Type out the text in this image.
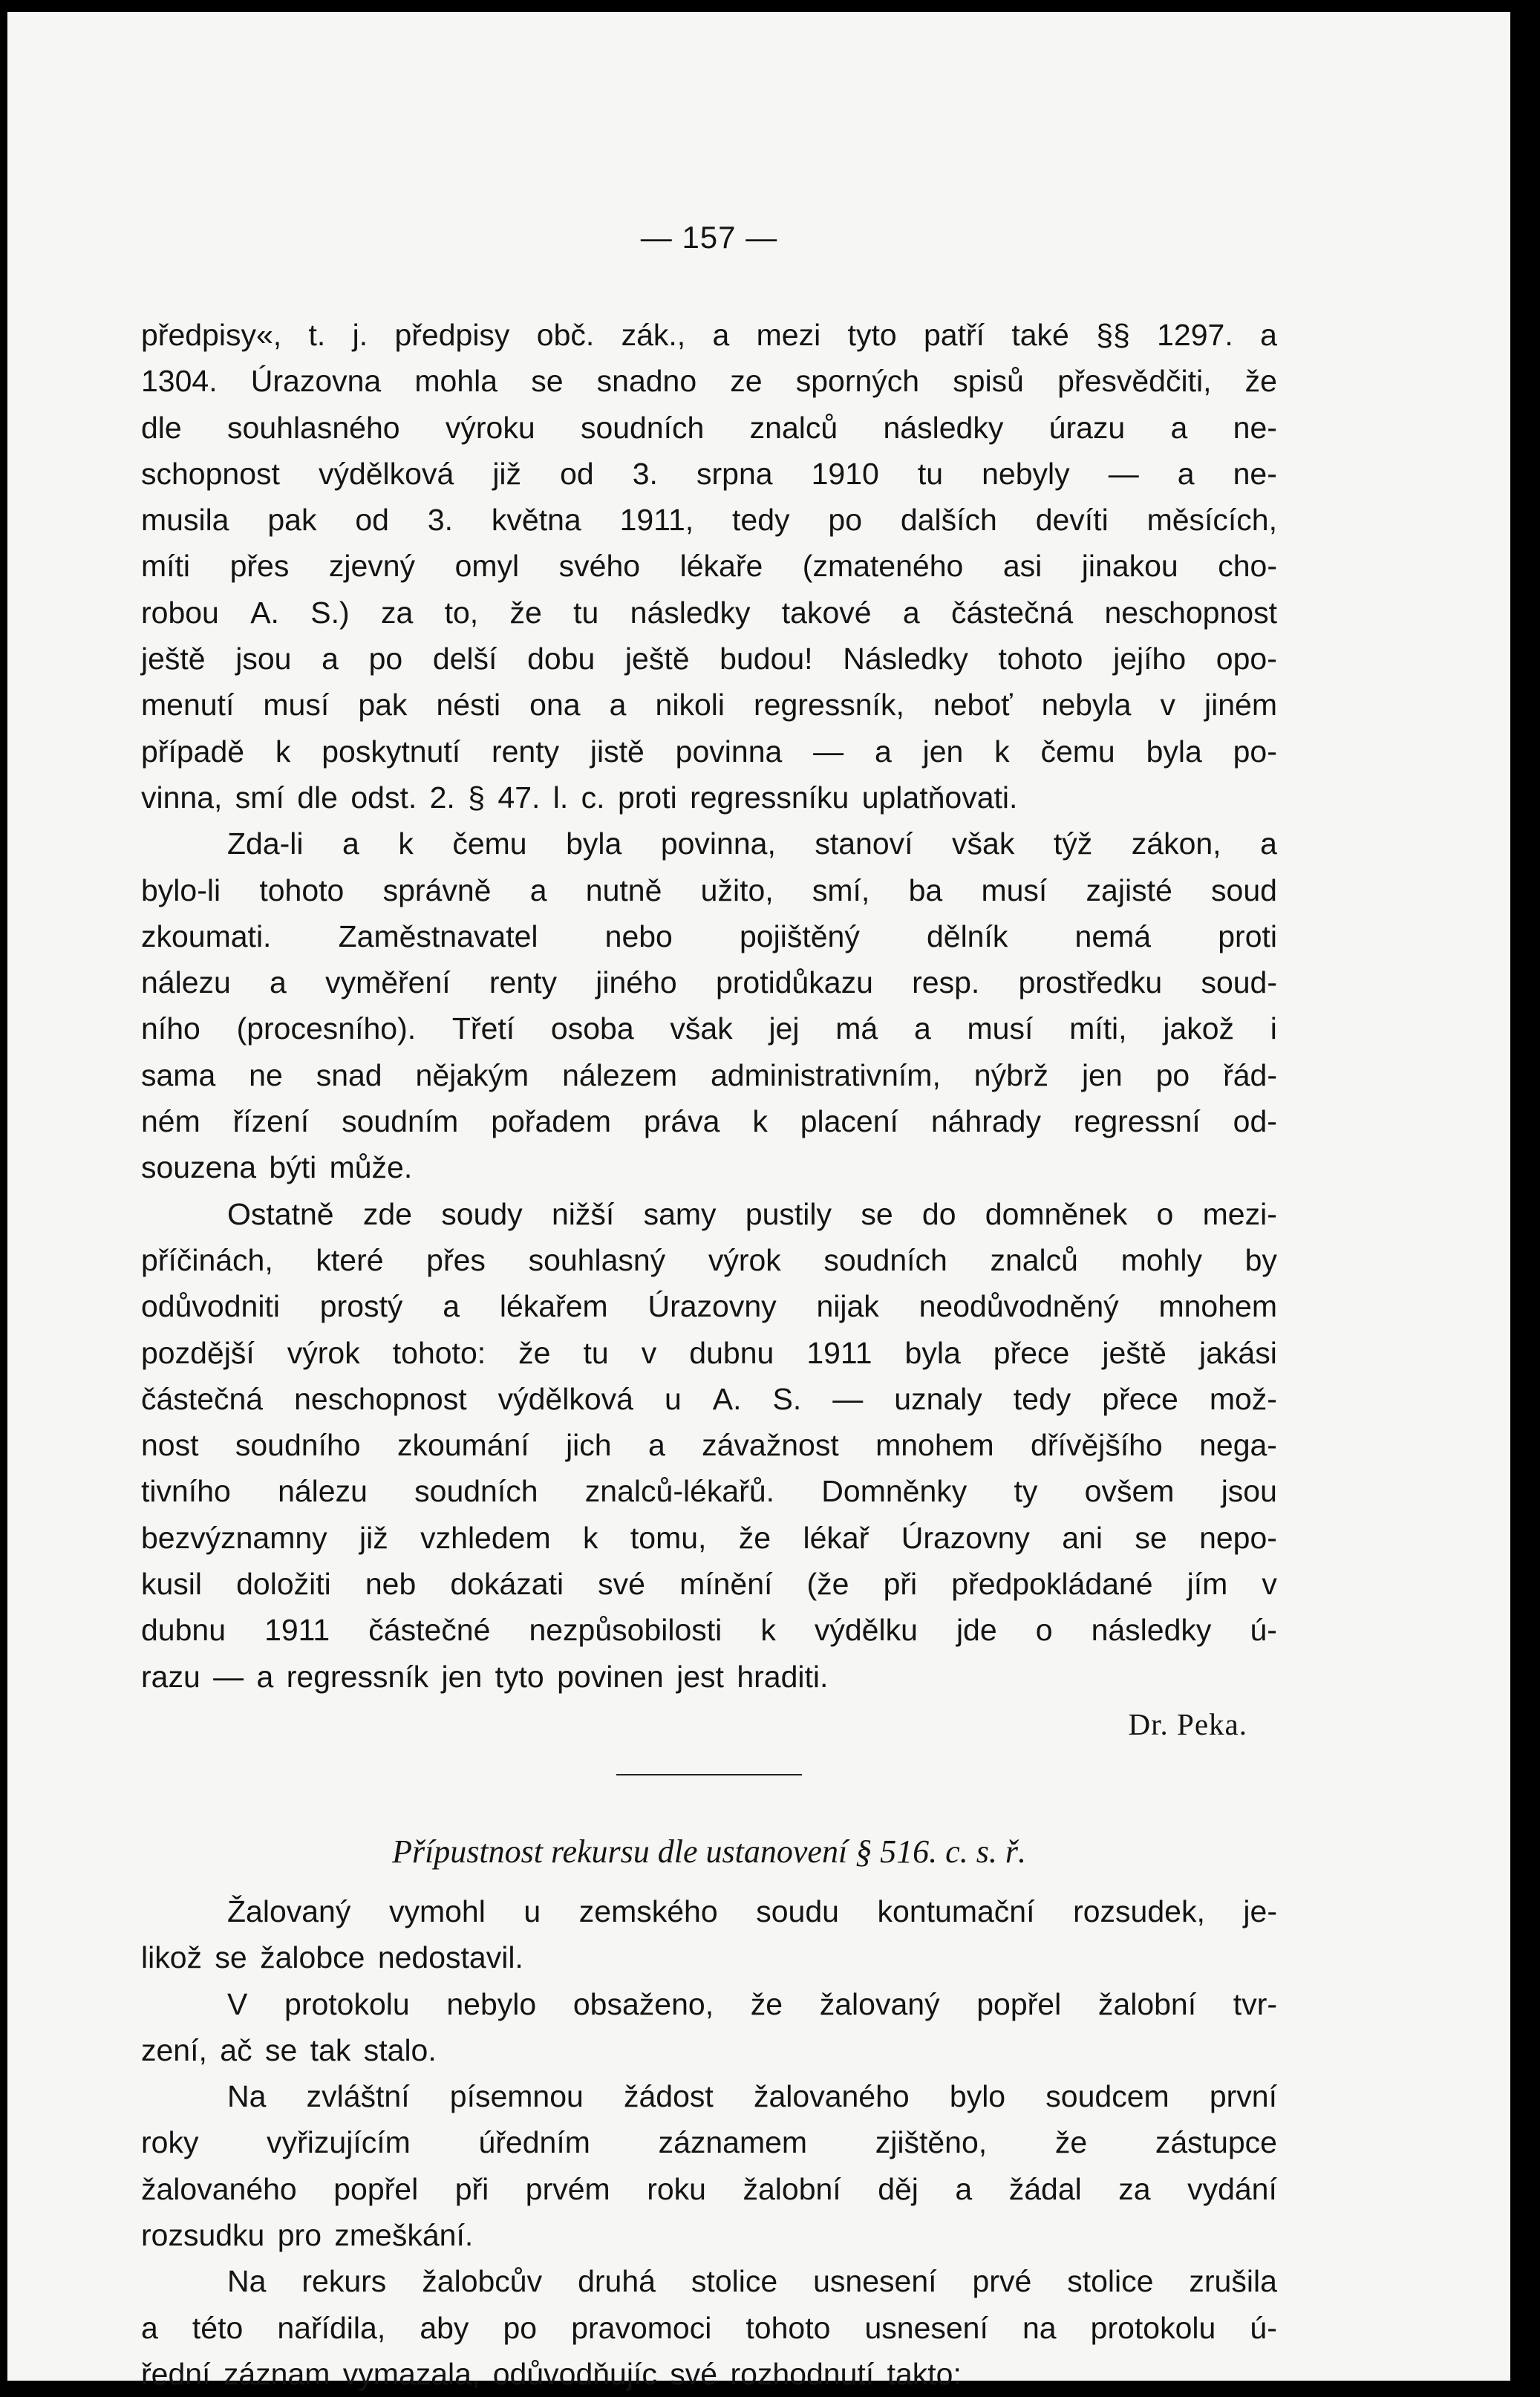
— 157 —
předpisy«, t. j. předpisy obč. zák., a mezi tyto patří také §§ 1297. a
1304. Úrazovna mohla se snadno ze sporných spisů přesvědčiti, že
dle souhlasného výroku soudních znalců následky úrazu a ne-
schopnost výdělková již od 3. srpna 1910 tu nebyly — a ne-
musila pak od 3. května 1911, tedy po dalších devíti měsících,
míti přes zjevný omyl svého lékaře (zmateného asi jinakou cho-
robou A. S.) za to, že tu následky takové a částečná neschopnost
ještě jsou a po delší dobu ještě budou! Následky tohoto jejího opo-
menutí musí pak nésti ona a nikoli regressník, neboť nebyla v jiném
případě k poskytnutí renty jistě povinna — a jen k čemu byla po-
vinna, smí dle odst. 2. § 47. l. c. proti regressníku uplatňovati.
Zda-li a k čemu byla povinna, stanoví však týž zákon, a
bylo-li tohoto správně a nutně užito, smí, ba musí zajisté soud
zkoumati. Zaměstnavatel nebo pojištěný dělník nemá proti
nálezu a vyměření renty jiného protidůkazu resp. prostředku soud-
ního (procesního). Třetí osoba však jej má a musí míti, jakož i
sama ne snad nějakým nálezem administrativním, nýbrž jen po řád-
ném řízení soudním pořadem práva k placení náhrady regressní od-
souzena býti může.
Ostatně zde soudy nižší samy pustily se do domněnek o mezi-
příčinách, které přes souhlasný výrok soudních znalců mohly by
odůvodniti prostý a lékařem Úrazovny nijak neodůvodněný mnohem
pozdější výrok tohoto: že tu v dubnu 1911 byla přece ještě jakási
částečná neschopnost výdělková u A. S. — uznaly tedy přece mož-
nost soudního zkoumání jich a závažnost mnohem dřívějšího nega-
tivního nálezu soudních znalců-lékařů. Domněnky ty ovšem jsou
bezvýznamny již vzhledem k tomu, že lékař Úrazovny ani se nepo-
kusil doložiti neb dokázati své mínění (že při předpokládané jím v
dubnu 1911 částečné nezpůsobilosti k výdělku jde o následky ú-
razu — a regressník jen tyto povinen jest hraditi.
Dr. Peka.
Přípustnost rekursu dle ustanovení § 516. c. s. ř.
Žalovaný vymohl u zemského soudu kontumační rozsudek, je-
likož se žalobce nedostavil.
V protokolu nebylo obsaženo, že žalovaný popřel žalobní tvr-
zení, ač se tak stalo.
Na zvláštní písemnou žádost žalovaného bylo soudcem první
roky vyřizujícím úředním záznamem zjištěno, že zástupce
žalovaného popřel při prvém roku žalobní děj a žádal za vydání
rozsudku pro zmeškání.
Na rekurs žalobcův druhá stolice usnesení prvé stolice zrušila
a této nařídila, aby po pravomoci tohoto usnesení na protokolu ú-
řední záznam vymazala, odůvodňujíc své rozhodnutí takto:
